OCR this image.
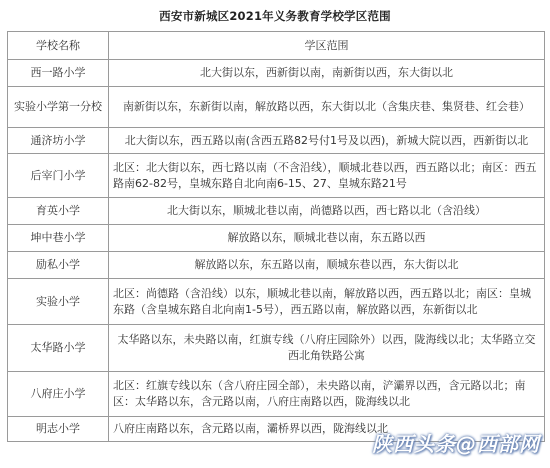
西安市新城区2021年义务教育学校学区范围
学校名称	学区范围
西一路小学	北大街以东，西新街以南，南新街以西，东大街以北
实验小学第一分校	南新街以东，东新街以南，解放路以西，东大街以北（含集庆巷、集贤巷、红会巷）
通济坊小学	北大街以东，西五路以南(含西五路82号付1号及以西)，新城大院以西，西新街以北
后宰门小学	北区：北大街以东，西七路以南（不含沿线），顺城北巷以西，西五路以北；南区：西五路南62-82号，皇城东路自北向南6-15、27、皇城东路21号
育英小学	北大街以东，顺城北巷以南，尚德路以西，西七路以北（含沿线）
坤中巷小学	解放路以东，顺城北巷以南，东五路以西
励私小学	解放路以东，东五路以南，顺城东巷以西，东大街以北
实验小学	北区：尚德路（含沿线）以东，顺城北巷以南，解放路以西，西五路以北；南区：皇城东路（含皇城东路自北向南1-5号），西五路以南，解放路以西，东新街以北
太华路小学	太华路以东，未央路以南，红旗专线（八府庄园除外）以西，陇海线以北；太华路立交西北角铁路公寓
八府庄小学	北区：红旗专线以东（含八府庄园全部），未央路以南，浐灞界以西，含元路以北；南区：太华路以东，含元路以南，八府庄南路以西，陇海线以北
明志小学	八府庄南路以东，含元路以南，灞桥界以西，陇海线以北
陕西头条@西部网
